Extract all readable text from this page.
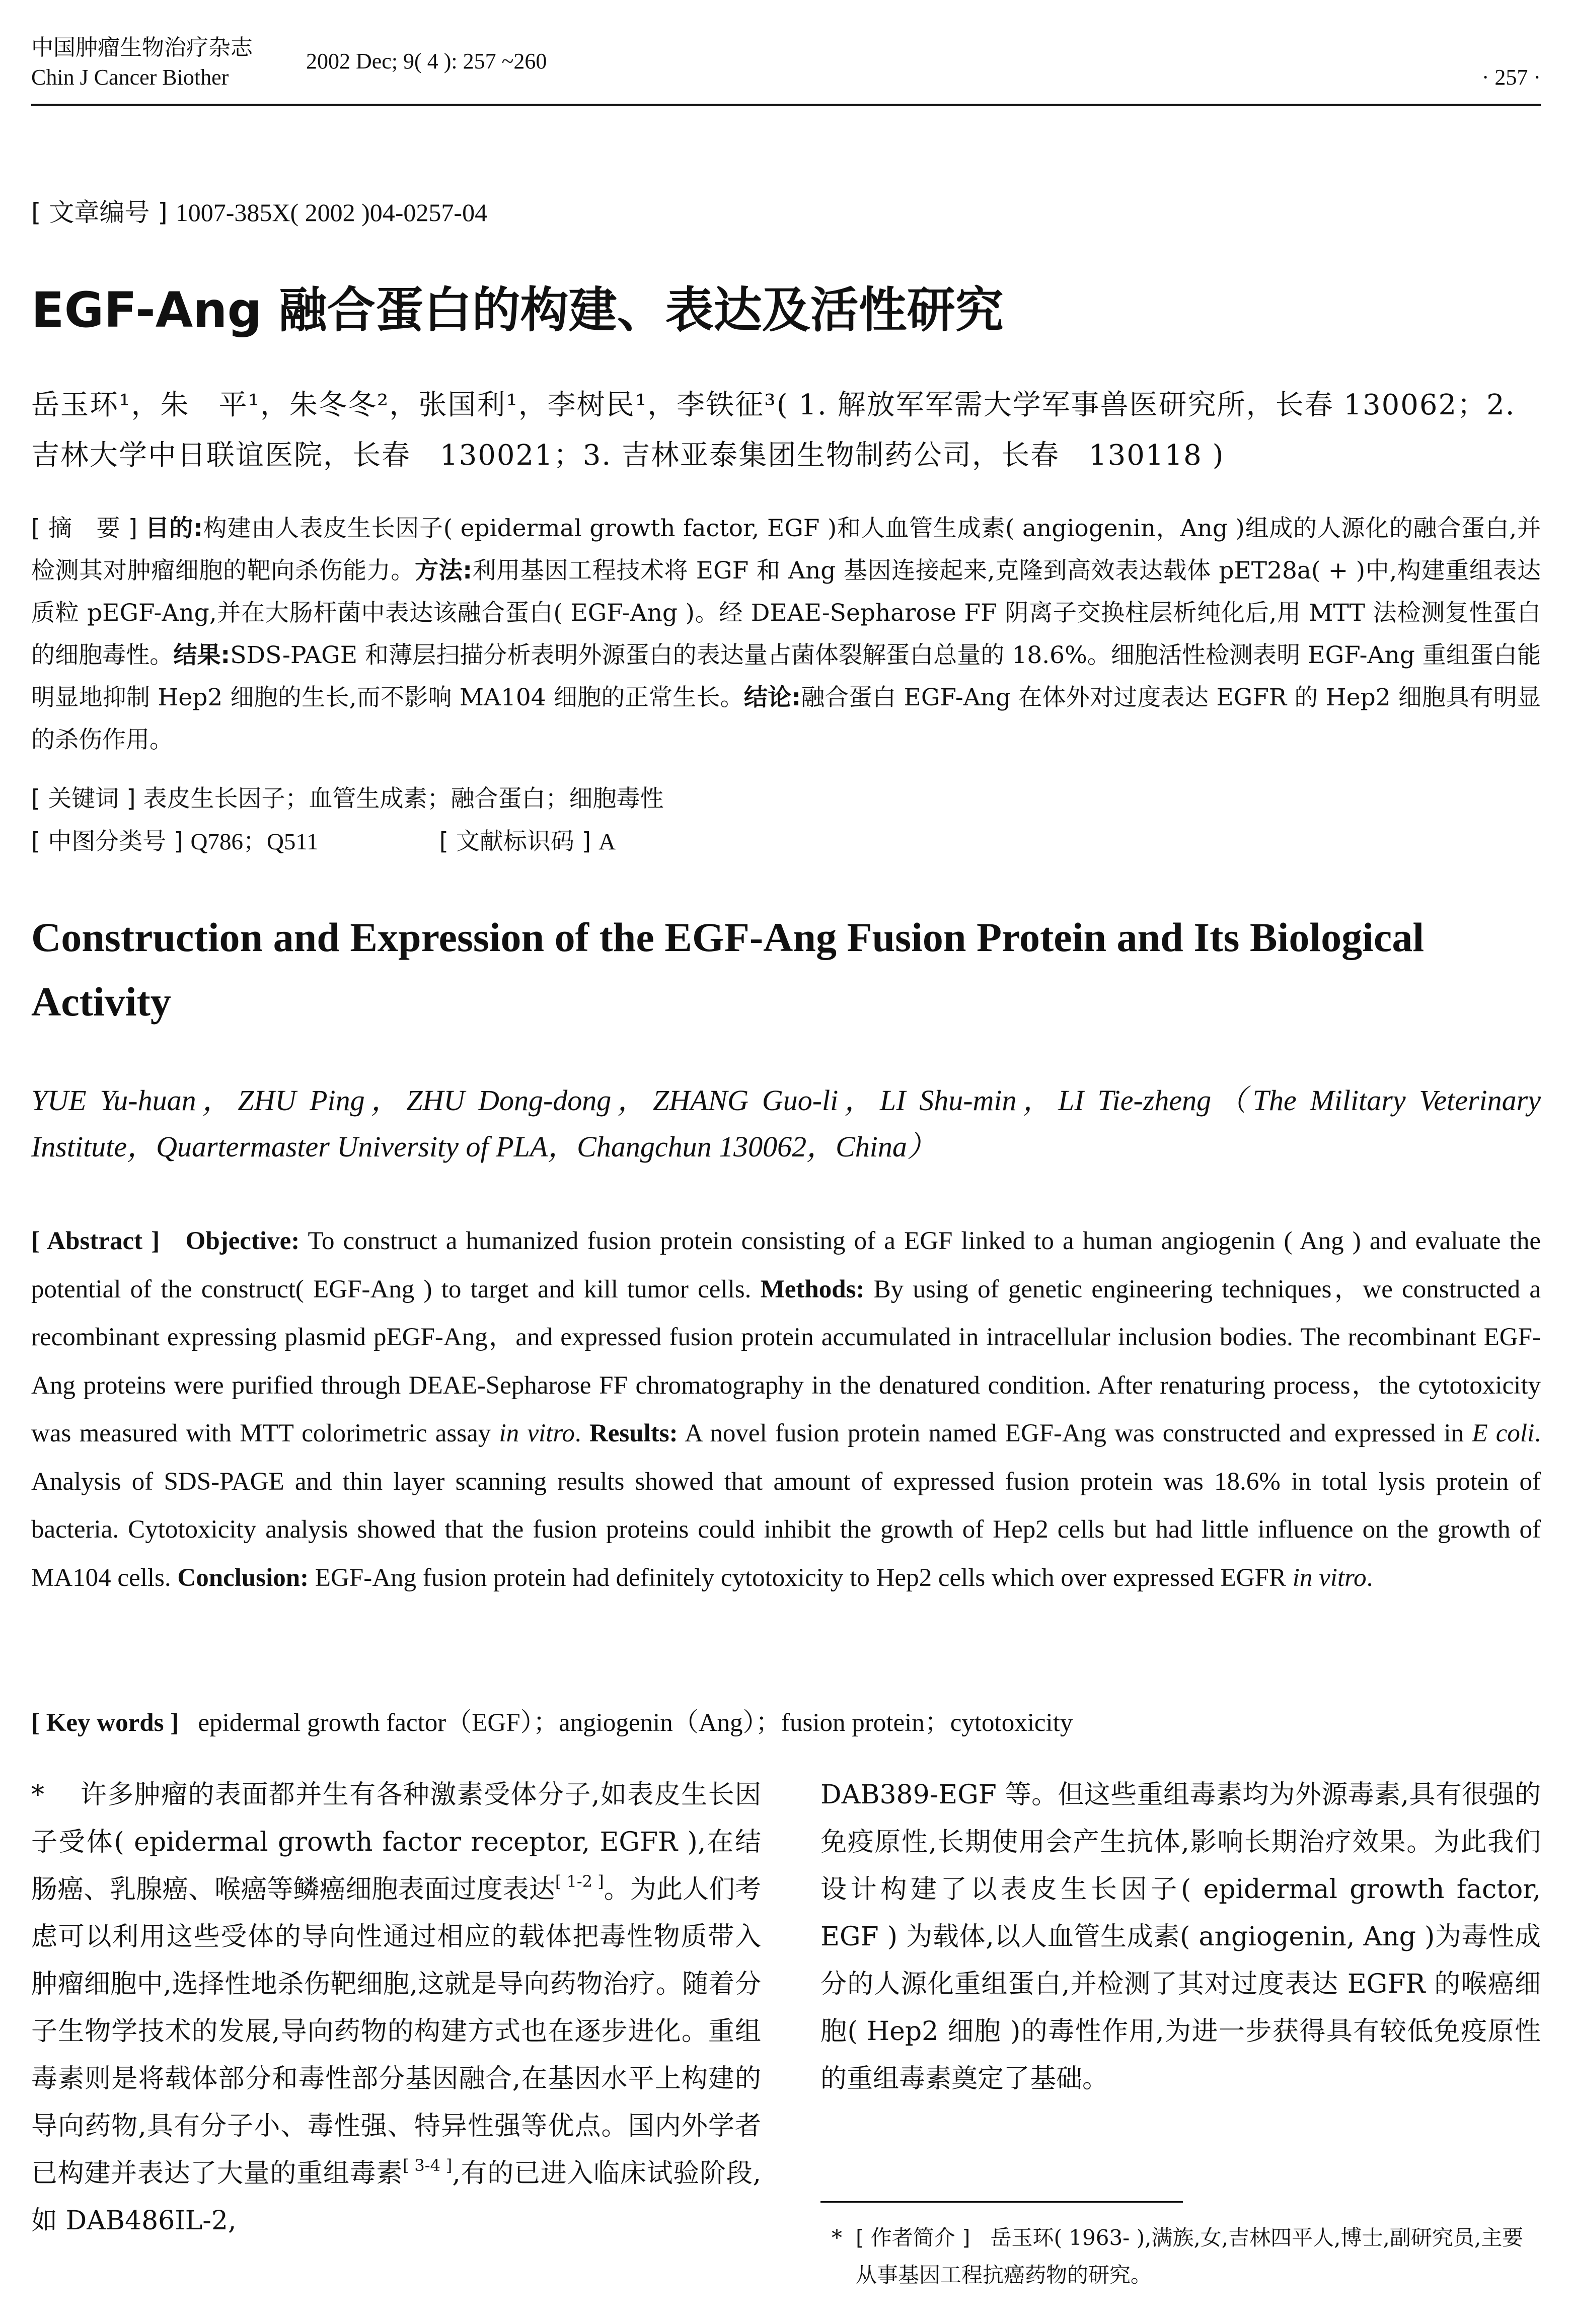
中国肿瘤生物治疗杂志
Chin J Cancer Biother
2002 Dec; 9( 4 ): 257 ~260
· 257 ·
[ 文章编号 ] 1007-385X( 2002 )04-0257-04
EGF-Ang 融合蛋白的构建、表达及活性研究
岳玉环¹，朱　平¹，朱冬冬²，张国利¹，李树民¹，李铁征³( 1. 解放军军需大学军事兽医研究所，长春 130062；2. 吉林大学中日联谊医院，长春　130021；3. 吉林亚泰集团生物制药公司，长春　130118 )
[ 摘　要 ] 目的:构建由人表皮生长因子( epidermal growth factor, EGF )和人血管生成素( angiogenin，Ang )组成的人源化的融合蛋白,并检测其对肿瘤细胞的靶向杀伤能力。方法:利用基因工程技术将 EGF 和 Ang 基因连接起来,克隆到高效表达载体 pET28a( + )中,构建重组表达质粒 pEGF-Ang,并在大肠杆菌中表达该融合蛋白( EGF-Ang )。经 DEAE-Sepharose FF 阴离子交换柱层析纯化后,用 MTT 法检测复性蛋白的细胞毒性。结果:SDS-PAGE 和薄层扫描分析表明外源蛋白的表达量占菌体裂解蛋白总量的 18.6%。细胞活性检测表明 EGF-Ang 重组蛋白能明显地抑制 Hep2 细胞的生长,而不影响 MA104 细胞的正常生长。结论:融合蛋白 EGF-Ang 在体外对过度表达 EGFR 的 Hep2 细胞具有明显的杀伤作用。
[ 关键词 ] 表皮生长因子；血管生成素；融合蛋白；细胞毒性
[ 中图分类号 ] Q786；Q511	[ 文献标识码 ] A
Construction and Expression of the EGF-Ang Fusion Protein and Its Biological Activity
YUE Yu-huan，ZHU Ping，ZHU Dong-dong，ZHANG Guo-li，LI Shu-min，LI Tie-zheng（The Military Veterinary Institute，Quartermaster University of PLA，Changchun 130062，China）
[ Abstract ] Objective: To construct a humanized fusion protein consisting of a EGF linked to a human angiogenin ( Ang ) and evaluate the potential of the construct( EGF-Ang ) to target and kill tumor cells. Methods: By using of genetic engineering techniques，we constructed a recombinant expressing plasmid pEGF-Ang，and expressed fusion protein accumulated in intracellular inclusion bodies. The recombinant EGF-Ang proteins were purified through DEAE-Sepharose FF chromatography in the denatured condition. After renaturing process，the cytotoxicity was measured with MTT colorimetric assay in vitro. Results: A novel fusion protein named EGF-Ang was constructed and expressed in E coli. Analysis of SDS-PAGE and thin layer scanning results showed that amount of expressed fusion protein was 18.6% in total lysis protein of bacteria. Cytotoxicity analysis showed that the fusion proteins could inhibit the growth of Hep2 cells but had little influence on the growth of MA104 cells. Conclusion: EGF-Ang fusion protein had definitely cytotoxicity to Hep2 cells which over expressed EGFR in vitro.
[ Key words ] epidermal growth factor（EGF）；angiogenin（Ang）；fusion protein；cytotoxicity
* 许多肿瘤的表面都并生有各种激素受体分子,如表皮生长因子受体( epidermal growth factor receptor, EGFR ),在结肠癌、乳腺癌、喉癌等鳞癌细胞表面过度表达[ 1-2 ]。为此人们考虑可以利用这些受体的导向性通过相应的载体把毒性物质带入肿瘤细胞中,选择性地杀伤靶细胞,这就是导向药物治疗。随着分子生物学技术的发展,导向药物的构建方式也在逐步进化。重组毒素则是将载体部分和毒性部分基因融合,在基因水平上构建的导向药物,具有分子小、毒性强、特异性强等优点。国内外学者已构建并表达了大量的重组毒素[ 3-4 ],有的已进入临床试验阶段,如 DAB486IL-2,
DAB389-EGF 等。但这些重组毒素均为外源毒素,具有很强的免疫原性,长期使用会产生抗体,影响长期治疗效果。为此我们设计构建了以表皮生长因子( epidermal growth factor, EGF ) 为载体,以人血管生成素( angiogenin, Ang )为毒性成分的人源化重组蛋白,并检测了其对过度表达 EGFR 的喉癌细胞( Hep2 细胞 )的毒性作用,为进一步获得具有较低免疫原性的重组毒素奠定了基础。
* [ 作者简介 ] 岳玉环( 1963- ),满族,女,吉林四平人,博士,副研究员,主要从事基因工程抗癌药物的研究。
